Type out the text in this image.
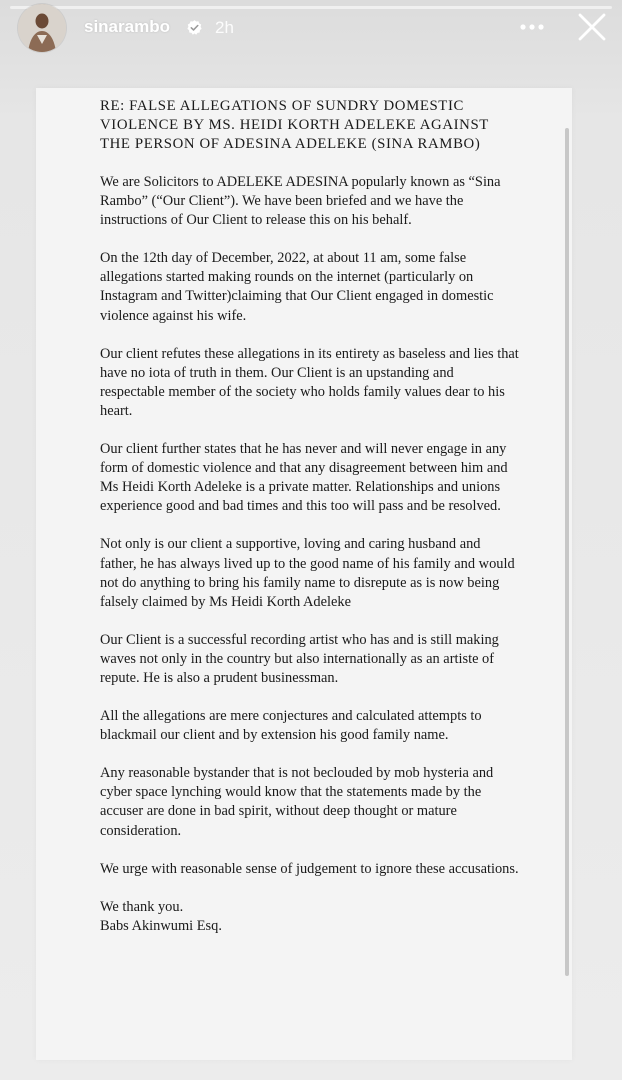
sinarambo	2h
RE: FALSE ALLEGATIONS OF SUNDRY DOMESTIC VIOLENCE BY MS. HEIDI KORTH ADELEKE AGAINST THE PERSON OF ADESINA ADELEKE (SINA RAMBO)

We are Solicitors to ADELEKE ADESINA popularly known as “Sina Rambo” (“Our Client”). We have been briefed and we have the instructions of Our Client to release this on his behalf.

On the 12th day of December, 2022, at about 11 am, some false allegations started making rounds on the internet (particularly on Instagram and Twitter)claiming that Our Client engaged in domestic violence against his wife.

Our client refutes these allegations in its entirety as baseless and lies that have no iota of truth in them. Our Client is an upstanding and respectable member of the society who holds family values dear to his heart.

Our client further states that he has never and will never engage in any form of domestic violence and that any disagreement between him and Ms Heidi Korth Adeleke is a private matter. Relationships and unions experience good and bad times and this too will pass and be resolved.

Not only is our client a supportive, loving and caring husband and father, he has always lived up to the good name of his family and would not do anything to bring his family name to disrepute as is now being falsely claimed by Ms Heidi Korth Adeleke

Our Client is a successful recording artist who has and is still making waves not only in the country but also internationally as an artiste of repute. He is also a prudent businessman.

All the allegations are mere conjectures and calculated attempts to blackmail our client and by extension his good family name.

Any reasonable bystander that is not beclouded by mob hysteria and cyber space lynching would know that the statements made by the accuser are done in bad spirit, without deep thought or mature consideration.

We urge with reasonable sense of judgement to ignore these accusations.

We thank you.
Babs Akinwumi Esq.
